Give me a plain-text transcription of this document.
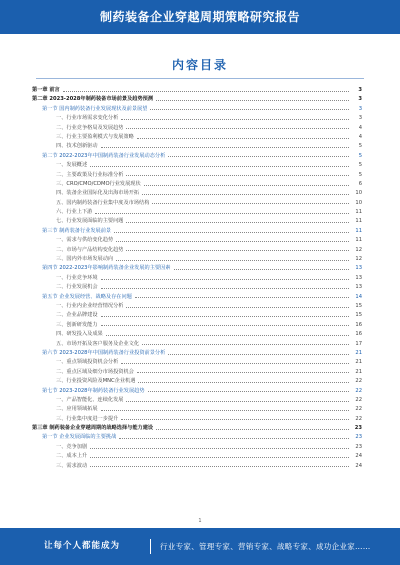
制药装备企业穿越周期策略研究报告
内容目录
第一章 前言	3
第二章 2023-2028年制药装备市场前景及趋势预测	3
第一节 国内制药装备行业发展现状及前景展望	3
一、行业市场需求变化分析	3
二、行业竞争格局及发展趋势	4
三、行业主要盈利模式与发展策略	4
四、技术创新驱动	5
第二节 2022-2023年中国制药装备行业发展动态分析	5
一、发展概述	5
二、主要政策及行业标准分析	5
三、CRO/CMO/CDMO行业发展现状	6
四、装备企业国际化及出海市场开拓	10
五、国内制药装备行业集中度及市场结构	10
六、行业上下游	11
七、行业发展面临的主要问题	11
第三节 制药装备行业发展前景	11
一、需求与供给变化趋势	11
二、市场与产品结构变化趋势	12
三、国内外市场发展动向	12
第四节 2022-2023年影响制药装备企业发展的主要因素	13
一、行业竞争环境	13
二、行业发展机会	13
第五节 企业发展经营、战略及存在问题	14
一、行业内企业经营情况分析	15
二、企业品牌建设	15
三、创新研发能力	16
四、研发投入及成果	16
五、市场开拓及客户服务及企业文化	17
第六节 2023-2028年中国制药装备行业投资前景分析	21
一、重点领域投资机会分析	21
二、重点区域及细分市场投资机会	21
三、行业投资风险及MNC企业机遇	22
第七节 2023-2028年制药装备行业发展趋势	22
一、产品智能化、连续化发展	22
二、应用领域拓展	22
三、行业集中度进一步提升	22
第三章 制药装备企业穿越周期的战略选择与能力建设	23
第一节 企业发展面临的主要挑战	23
一、竞争加剧	23
二、成本上升	24
三、需求波动	24
1
让每个人都能成为	行业专家、管理专家、营销专家、战略专家、成功企业家……
